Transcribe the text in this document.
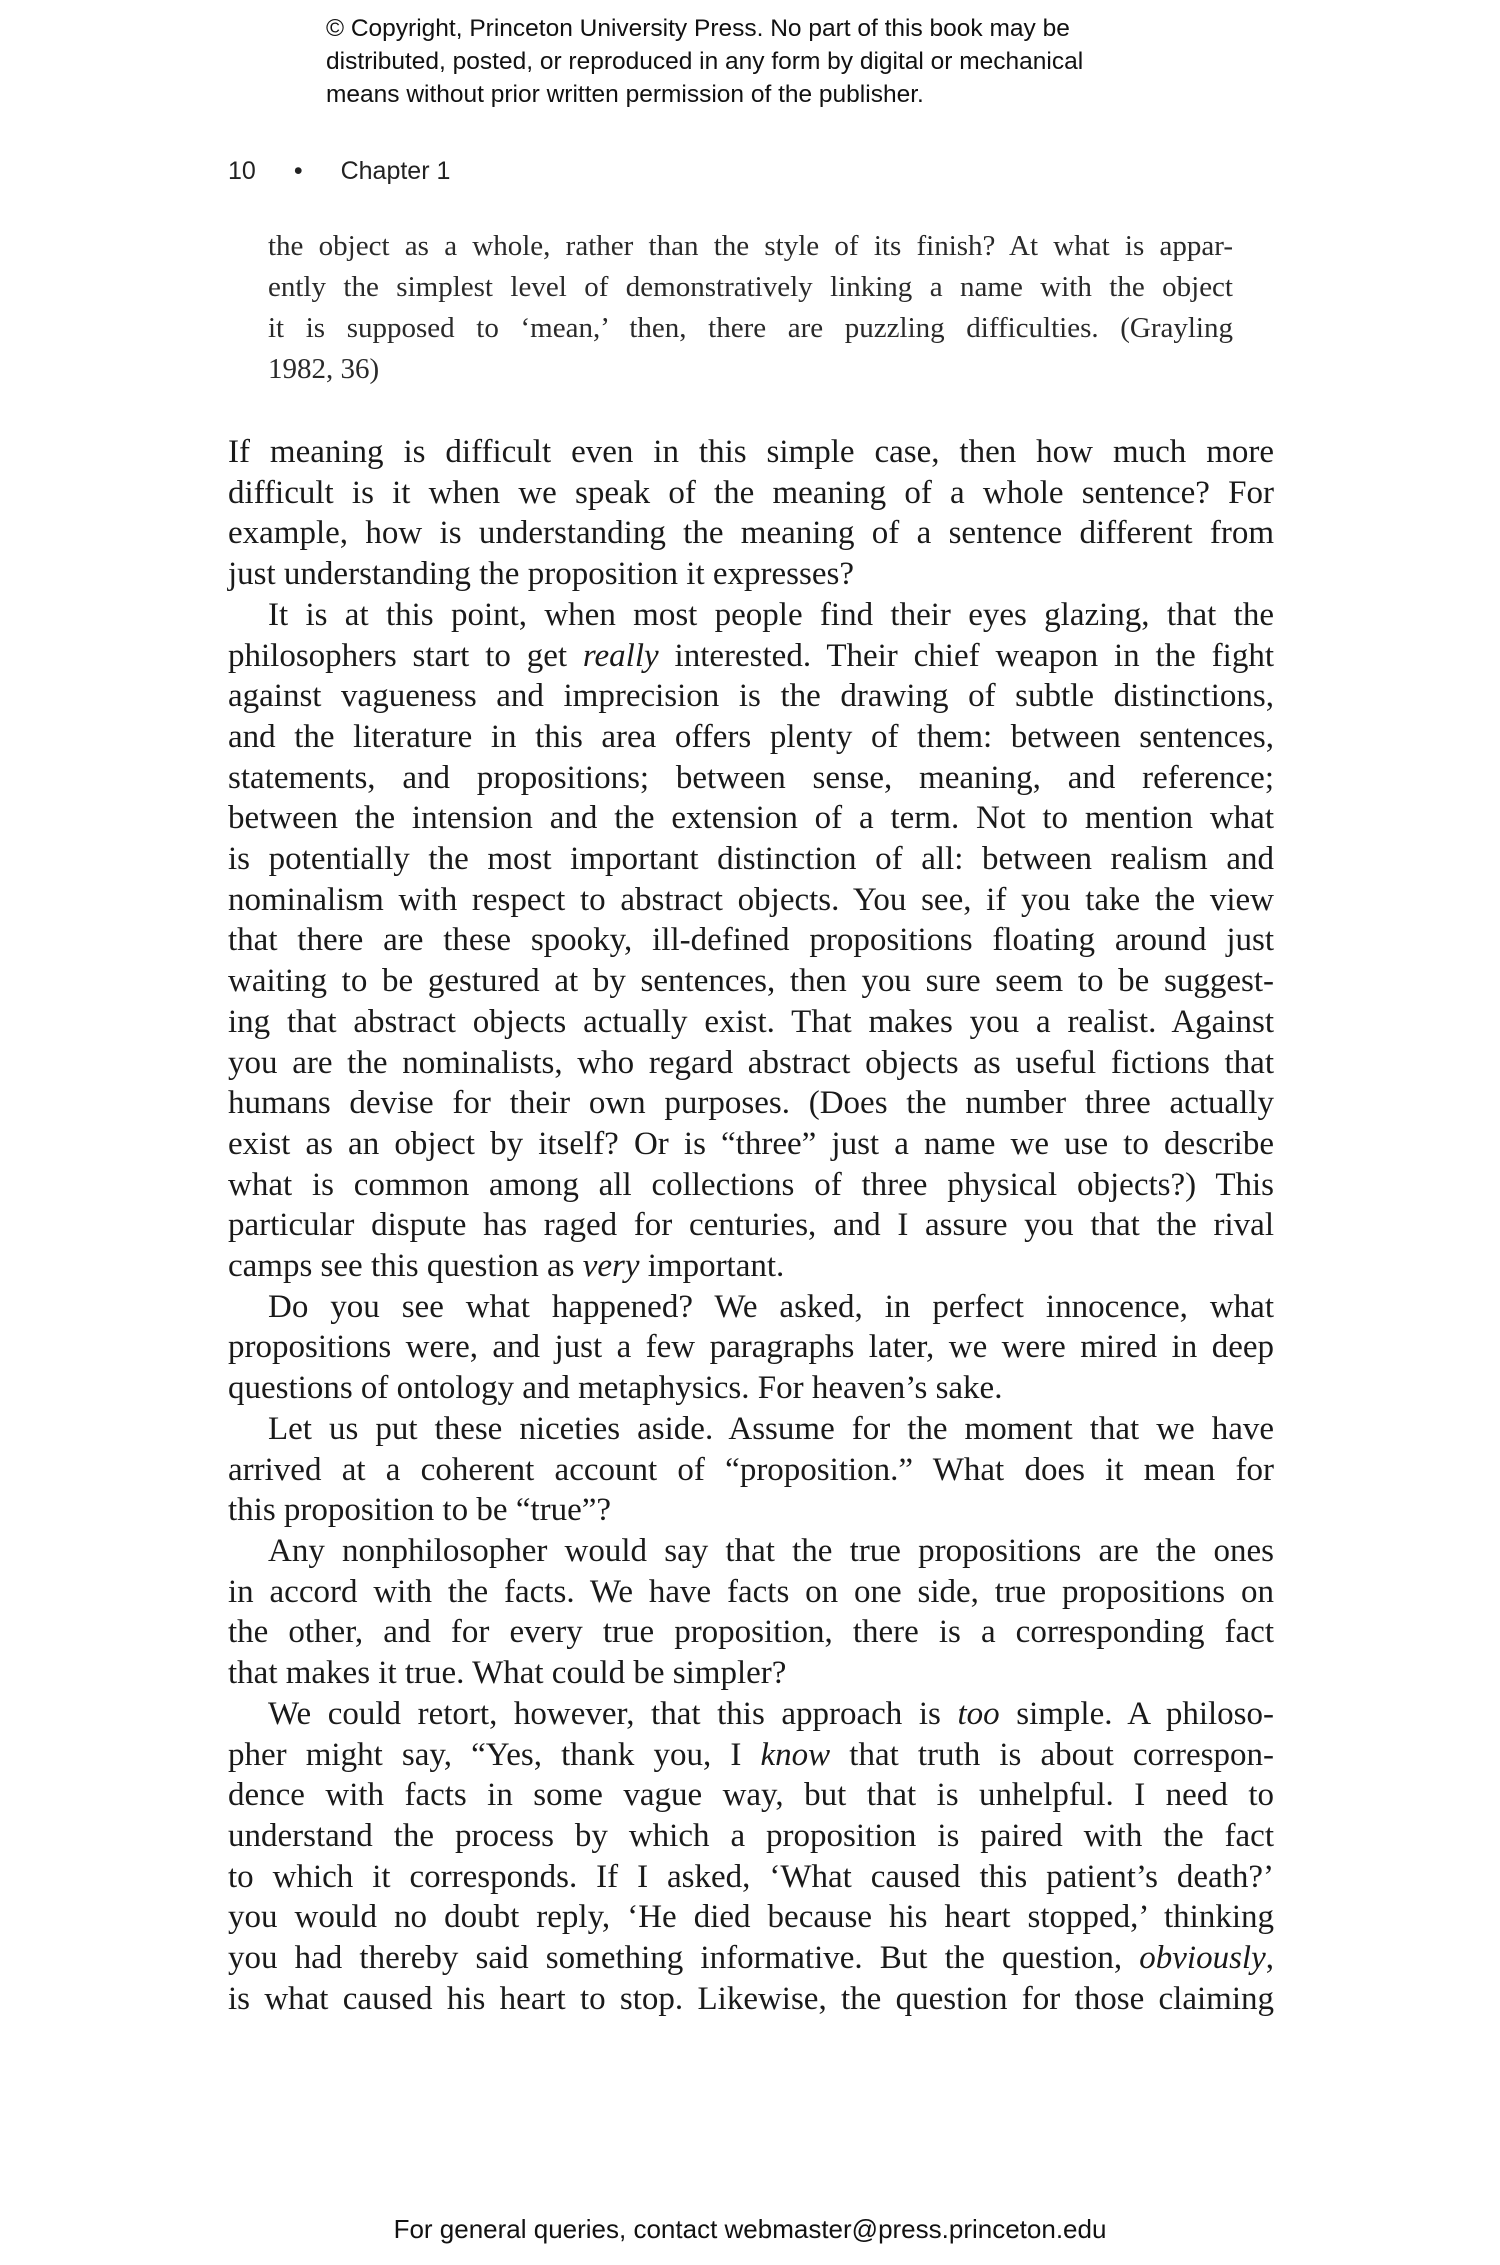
© Copyright, Princeton University Press. No part of this book may be
distributed, posted, or reproduced in any form by digital or mechanical
means without prior written permission of the publisher.
10 • Chapter 1
the object as a whole, rather than the style of its finish? At what is appar-
ently the simplest level of demonstratively linking a name with the object
it is supposed to ‘mean,’ then, there are puzzling difficulties. (Grayling
1982, 36)
If meaning is difficult even in this simple case, then how much more
difficult is it when we speak of the meaning of a whole sentence? For
example, how is understanding the meaning of a sentence different from
just understanding the proposition it expresses?
It is at this point, when most people find their eyes glazing, that the
philosophers start to get really interested. Their chief weapon in the fight
against vagueness and imprecision is the drawing of subtle distinctions,
and the literature in this area offers plenty of them: between sentences,
statements, and propositions; between sense, meaning, and reference;
between the intension and the extension of a term. Not to mention what
is potentially the most important distinction of all: between realism and
nominalism with respect to abstract objects. You see, if you take the view
that there are these spooky, ill-defined propositions floating around just
waiting to be gestured at by sentences, then you sure seem to be suggest-
ing that abstract objects actually exist. That makes you a realist. Against
you are the nominalists, who regard abstract objects as useful fictions that
humans devise for their own purposes. (Does the number three actually
exist as an object by itself? Or is “three” just a name we use to describe
what is common among all collections of three physical objects?) This
particular dispute has raged for centuries, and I assure you that the rival
camps see this question as very important.
Do you see what happened? We asked, in perfect innocence, what
propositions were, and just a few paragraphs later, we were mired in deep
questions of ontology and metaphysics. For heaven’s sake.
Let us put these niceties aside. Assume for the moment that we have
arrived at a coherent account of “proposition.” What does it mean for
this proposition to be “true”?
Any nonphilosopher would say that the true propositions are the ones
in accord with the facts. We have facts on one side, true propositions on
the other, and for every true proposition, there is a corresponding fact
that makes it true. What could be simpler?
We could retort, however, that this approach is too simple. A philoso-
pher might say, “Yes, thank you, I know that truth is about correspon-
dence with facts in some vague way, but that is unhelpful. I need to
understand the process by which a proposition is paired with the fact
to which it corresponds. If I asked, ‘What caused this patient’s death?’
you would no doubt reply, ‘He died because his heart stopped,’ thinking
you had thereby said something informative. But the question, obviously,
is what caused his heart to stop. Likewise, the question for those claiming
For general queries, contact webmaster@press.princeton.edu
